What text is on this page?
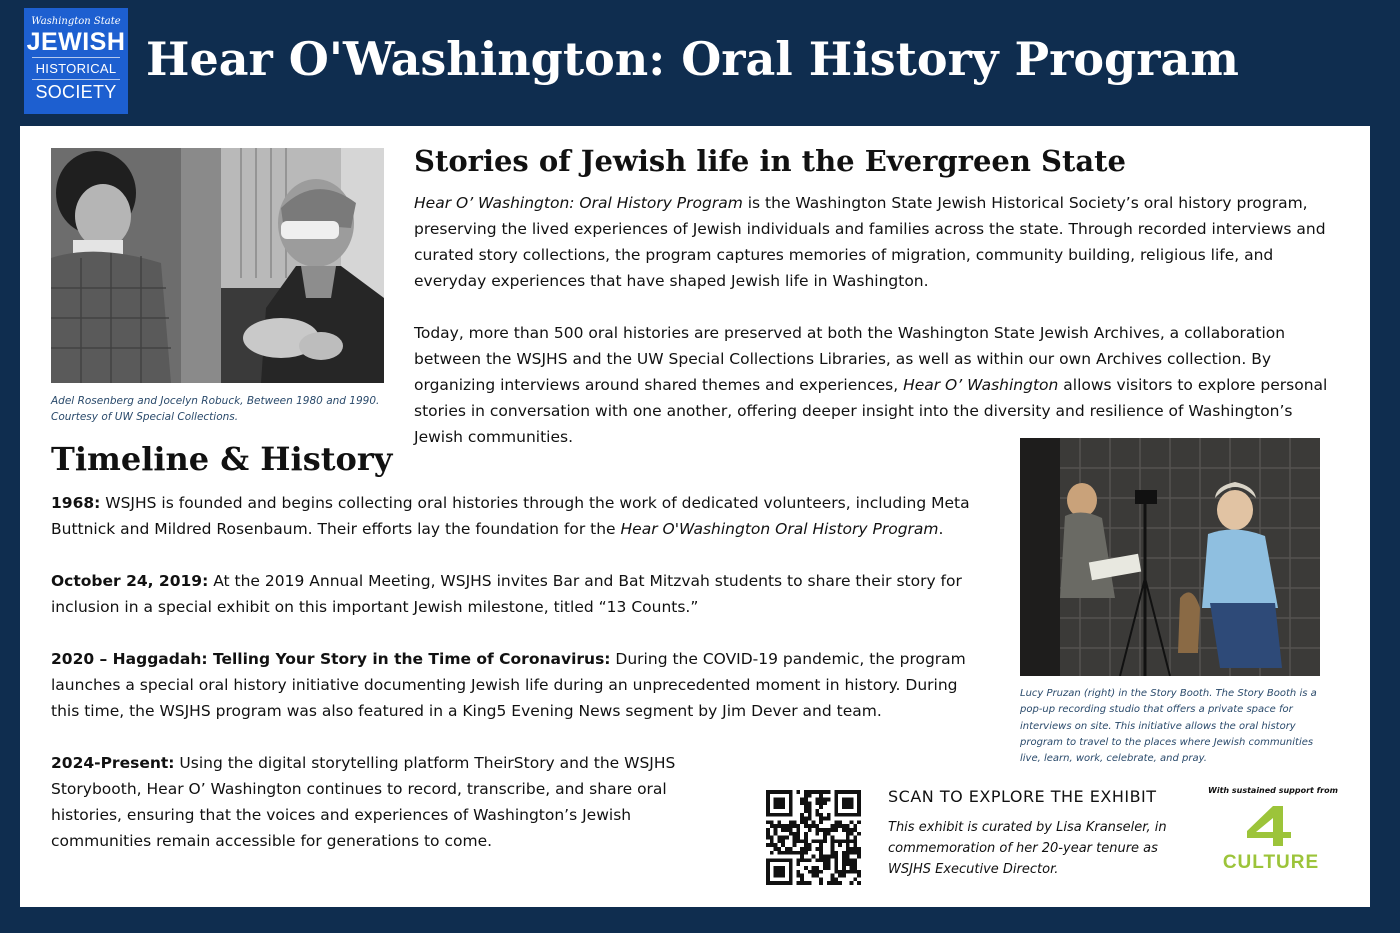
Washington State
JEWISH
HISTORICAL
SOCIETY
Hear O'Washington: Oral History Program

Adel Rosenberg and Jocelyn Robuck, Between 1980 and 1990. Courtesy of UW Special Collections.

Stories of Jewish life in the Evergreen State

Hear O’ Washington: Oral History Program is the Washington State Jewish Historical Society’s oral history program, preserving the lived experiences of Jewish individuals and families across the state. Through recorded interviews and curated story collections, the program captures memories of migration, community building, religious life, and everyday experiences that have shaped Jewish life in Washington.

Today, more than 500 oral histories are preserved at both the Washington State Jewish Archives, a collaboration between the WSJHS and the UW Special Collections Libraries, as well as within our own Archives collection. By organizing interviews around shared themes and experiences, Hear O’ Washington allows visitors to explore personal stories in conversation with one another, offering deeper insight into the diversity and resilience of Washington’s Jewish communities.

Timeline & History

1968: WSJHS is founded and begins collecting oral histories through the work of dedicated volunteers, including Meta Buttnick and Mildred Rosenbaum. Their efforts lay the foundation for the Hear O'Washington Oral History Program.

October 24, 2019: At the 2019 Annual Meeting, WSJHS invites Bar and Bat Mitzvah students to share their story for inclusion in a special exhibit on this important Jewish milestone, titled “13 Counts.”

2020 – Haggadah: Telling Your Story in the Time of Coronavirus: During the COVID-19 pandemic, the program launches a special oral history initiative documenting Jewish life during an unprecedented moment in history. During this time, the WSJHS program was also featured in a King5 Evening News segment by Jim Dever and team.

2024-Present: Using the digital storytelling platform TheirStory and the WSJHS Storybooth, Hear O’ Washington continues to record, transcribe, and share oral histories, ensuring that the voices and experiences of Washington’s Jewish communities remain accessible for generations to come.

Lucy Pruzan (right) in the Story Booth. The Story Booth is a pop-up recording studio that offers a private space for interviews on site. This initiative allows the oral history program to travel to the places where Jewish communities live, learn, work, celebrate, and pray.

SCAN TO EXPLORE THE EXHIBIT

This exhibit is curated by Lisa Kranseler, in commemoration of her 20-year tenure as WSJHS Executive Director.

With sustained support from

CULTURE
